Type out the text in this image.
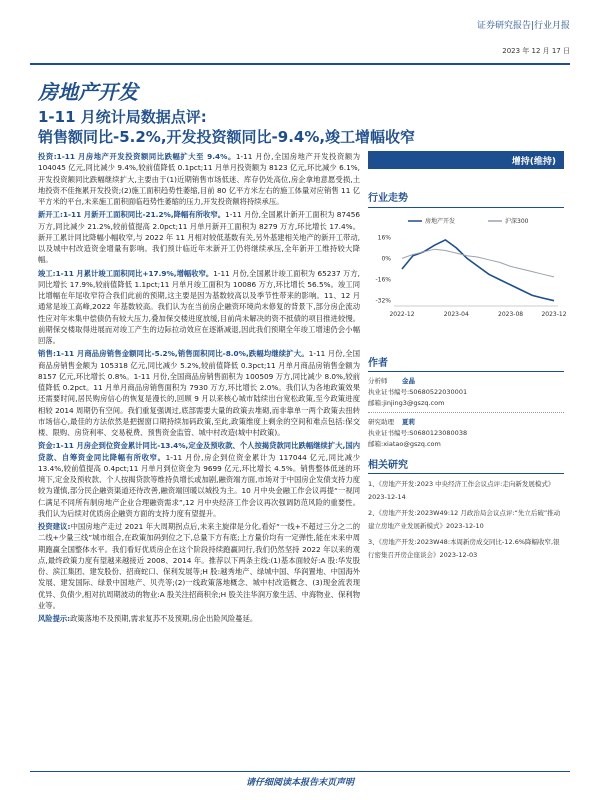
证券研究报告|行业月报
2023 年 12 月 17 日
房地产开发
1-11 月统计局数据点评:
销售额同比-5.2%,开发投资额同比-9.4%,竣工增幅收窄

投资:1-11 月房地产开发投资额同比跌幅扩大至 9.4%。1-11 月份,全国房地产开发投资额为 104045 亿元,同比减少 9.4%,较前值降低 0.1pct;11 月单月投资额为 8123 亿元,环比减少 6.1%,开发投资额同比跌幅继续扩大,主要由于(1)近期销售市场低迷、库存仍处高位,房企拿地意愿受损,土地投资不佳拖累开发投资;(2)施工面积趋势性萎缩,目前 80 亿平方米左右的施工体量对应销售 11 亿平方米的平台,未来施工面积面临趋势性萎缩的压力,开发投资额将持续承压。

新开工:1-11 月新开工面积同比-21.2%,降幅有所收窄。1-11 月份,全国累计新开工面积为 87456 万方,同比减少 21.2%,较前值提高 2.0pct;11 月单月新开工面积为 8279 万方,环比增长 17.4%。新开工累计同比降幅小幅收窄,与 2022 年 11 月相对较低基数有关,另外基建相关地产的新开工带动,以及城中村改造资金增量有影响。我们预计临近年末新开工仍将继续承压,全年新开工维持较大降幅。

竣工:1-11 月累计竣工面积同比+17.9%,增幅收窄。1-11 月份,全国累计竣工面积为 65237 万方,同比增长 17.9%,较前值降低 1.1pct;11 月单月竣工面积为 10086 万方,环比增长 56.5%。竣工同比增幅在年尾收窄符合我们此前的预期,这主要是因为基数较高以及季节性带来的影响。11、12 月通常是竣工高峰,2022 年基数较高。我们认为在当前房企融资环境尚未修复的背景下,部分房企流动性应对年末集中偿债仍有较大压力,叠加保交楼进度放缓,目前尚未解决的资不抵债的项目推进较慢。前期保交楼取得进展而对竣工产生的边际拉动效应在逐渐减退,因此我们预期全年竣工增速仍会小幅回落。

销售:1-11 月商品房销售金额同比-5.2%,销售面积同比-8.0%,跌幅均继续扩大。1-11 月份,全国商品房销售金额为 105318 亿元,同比减少 5.2%,较前值降低 0.3pct;11 月单月商品房销售金额为 8157 亿元,环比增长 0.8%。1-11 月份,全国商品房销售面积为 100509 万方,同比减少 8.0%,较前值降低 0.2pct。11 月单月商品房销售面积为 7930 万方,环比增长 2.0%。我们认为各地政策效果还需要时间,居民购房信心的恢复是漫长的,回顾 9 月以来核心城市陆续出台宽松政策,至今政策进度相较 2014 周期仍有空间。我们重复强调过,底部需要大量的政策去堆砌,而非靠单一两个政策去扭转市场信心,最佳的方法依然是把握窗口期持续加码政策,至此,政策维度上剩余的空间和难点包括:保交楼、限购、房贷利率、交易税费、预售资金监管、城中村改造(城中村政策)。

资金:1-11 月房企到位资金累计同比-13.4%,定金及预收款、个人按揭贷款同比跌幅继续扩大,国内贷款、自筹资金同比降幅有所收窄。1-11 月份,房企到位资金累计为 117044 亿元,同比减少 13.4%,较前值提高 0.4pct;11 月单月到位资金为 9699 亿元,环比增长 4.5%。销售整体低迷的环境下,定金及预收款、个人按揭贷款等维持负增长或加剧,融资端方面,市场对于中国房企发债支持力度较为谨慎,部分民企融资渠道还待改善,融资端回暖以城投为主。10 月中央金融工作会议再提“一视同仁满足不同所有制房地产企业合理融资需求”,12 月中央经济工作会议再次强调防范风险的重要性。我们认为后续对优质房企融资方面的支持力度有望提升。

投资建议:中国房地产走过 2021 年大周期拐点后,未来主旋律是分化,看好“一线+不超过三分之二的二线+少量三线”城市组合,在政策加码到位之下,总量下方有底;上方量价均有一定弹性,能在未来中周期跑赢全国整体水平。我们看好优质房企在这个阶段持续跑赢同行,我们仍然坚持 2022 年以来的观点,最终政策力度有望越来越接近 2008、2014 年。推荐以下两条主线:(1)基本面较好:A 股:华发股份、滨江集团、建发股份、招商蛇口、保利发展等;H 股:越秀地产、绿城中国、华润置地、中国海外发展、建发国际、绿景中国地产、贝壳等;(2)一线政策落地概念、城中村改造概念、(3)现金流表现优异、负债少,相对抗周期波动的物业:A 股关注招商积余;H 股关注华润万象生活、中海物业、保利物业等。

风险提示:政策落地不及预期,需求复苏不及预期,房企出险风险蔓延。

增持(维持)
行业走势
16%
0%
-16%
-32%
2022-12	2023-04	2023-08	2023-12
房地产开发	沪深300
作者
分析师	金晶
执业证书编号: S0680522030001
邮箱: jinjing3@gszq.com
研究助理	夏莉
执业证书编号: S0680123080038
邮箱: xiatao@gszq.com
相关研究
1、《房地产开发:2023 中央经济工作会议点评:走向新发展模式》2023-12-14
2、《房地产开发:2023W49:12 月政治局会议点评:“先立后破”推动建立房地产业发展新模式》2023-12-10
3、《房地产开发:2023W48:本周新房成交同比-12.6%降幅收窄,银行密集召开房企座谈会》2023-12-03
请仔细阅读本报告末页声明
